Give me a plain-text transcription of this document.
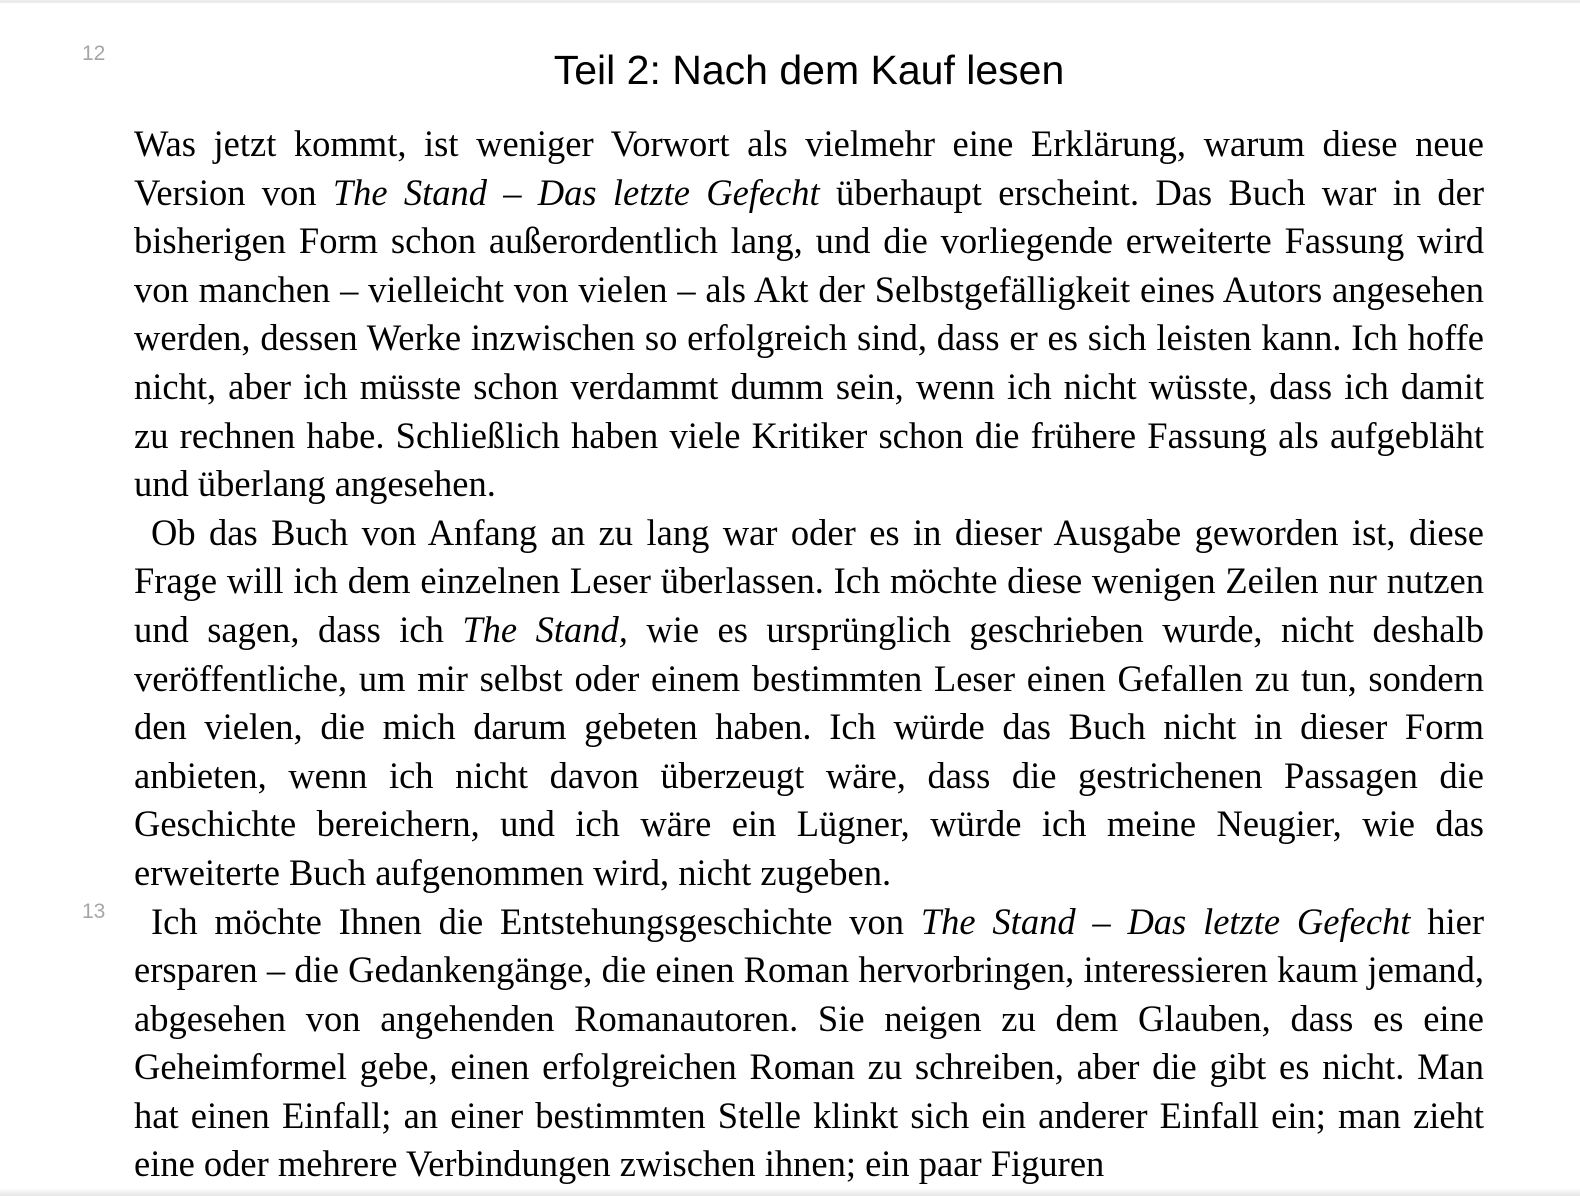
12
13
Teil 2: Nach dem Kauf lesen

Was jetzt kommt, ist weniger Vorwort als vielmehr eine Erklärung, warum diese neue Version von The Stand – Das letzte Gefecht überhaupt erscheint. Das Buch war in der bisherigen Form schon außerordentlich lang, und die vorliegende erweiterte Fassung wird von manchen – vielleicht von vielen – als Akt der Selbstgefälligkeit eines Autors angesehen werden, dessen Werke inzwischen so erfolgreich sind, dass er es sich leisten kann. Ich hoffe nicht, aber ich müsste schon verdammt dumm sein, wenn ich nicht wüsste, dass ich damit zu rechnen habe. Schließlich haben viele Kritiker schon die frühere Fassung als aufgebläht und überlang angesehen.

Ob das Buch von Anfang an zu lang war oder es in dieser Ausgabe geworden ist, diese Frage will ich dem einzelnen Leser überlassen. Ich möchte diese wenigen Zeilen nur nutzen und sagen, dass ich The Stand, wie es ursprünglich geschrieben wurde, nicht deshalb veröffentliche, um mir selbst oder einem bestimmten Leser einen Gefallen zu tun, sondern den vielen, die mich darum gebeten haben. Ich würde das Buch nicht in dieser Form anbieten, wenn ich nicht davon überzeugt wäre, dass die gestrichenen Passagen die Geschichte bereichern, und ich wäre ein Lügner, würde ich meine Neugier, wie das erweiterte Buch aufgenommen wird, nicht zugeben.

Ich möchte Ihnen die Entstehungsgeschichte von The Stand – Das letzte Gefecht hier ersparen – die Gedankengänge, die einen Roman hervorbringen, interessieren kaum jemand, abgesehen von angehenden Romanautoren. Sie neigen zu dem Glauben, dass es eine Geheimformel gebe, einen erfolgreichen Roman zu schreiben, aber die gibt es nicht. Man hat einen Einfall; an einer bestimmten Stelle klinkt sich ein anderer Einfall ein; man zieht eine oder mehrere Verbindungen zwischen ihnen; ein paar Figuren
